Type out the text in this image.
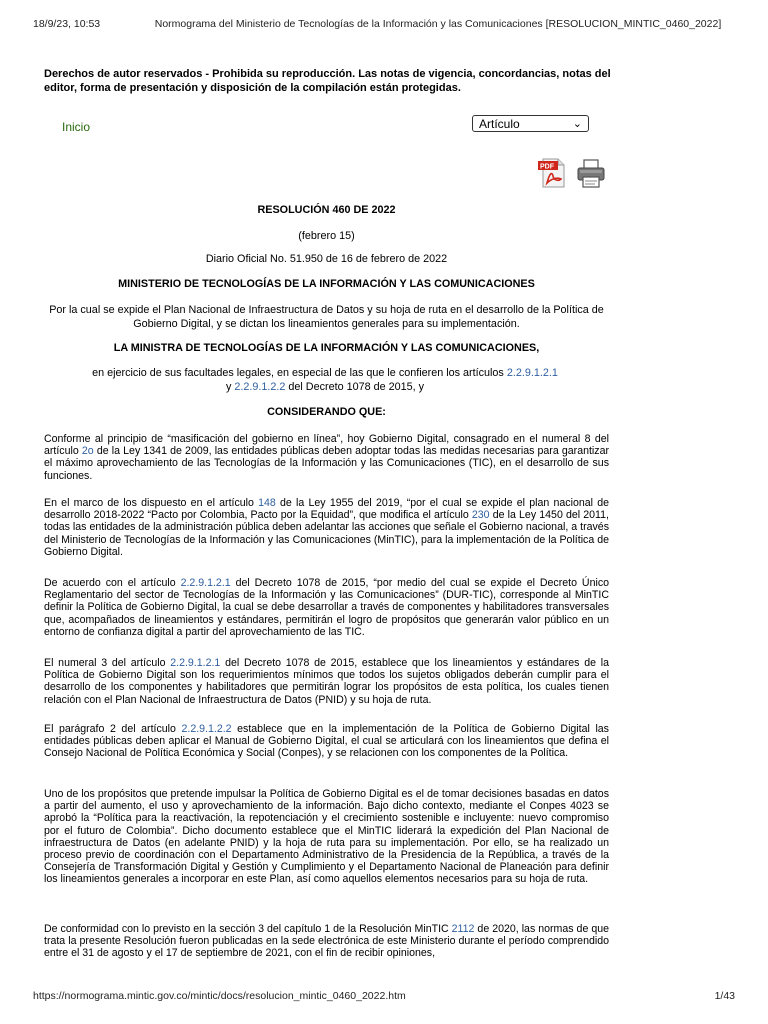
18/9/23, 10:53	Normograma del Ministerio de Tecnologías de la Información y las Comunicaciones [RESOLUCION_MINTIC_0460_2022]
Derechos de autor reservados - Prohibida su reproducción. Las notas de vigencia, concordancias, notas del editor, forma de presentación y disposición de la compilación están protegidas.
Inicio	Artículo	⌄
PDF
RESOLUCIÓN 460 DE 2022
(febrero 15)
Diario Oficial No. 51.950 de 16 de febrero de 2022
MINISTERIO DE TECNOLOGÍAS DE LA INFORMACIÓN Y LAS COMUNICACIONES
Por la cual se expide el Plan Nacional de Infraestructura de Datos y su hoja de ruta en el desarrollo de la Política de Gobierno Digital, y se dictan los lineamientos generales para su implementación.
LA MINISTRA DE TECNOLOGÍAS DE LA INFORMACIÓN Y LAS COMUNICACIONES,
en ejercicio de sus facultades legales, en especial de las que le confieren los artículos 2.2.9.1.2.1 y 2.2.9.1.2.2 del Decreto 1078 de 2015, y
CONSIDERANDO QUE:
Conforme al principio de “masificación del gobierno en línea”, hoy Gobierno Digital, consagrado en el numeral 8 del artículo 2o de la Ley 1341 de 2009, las entidades públicas deben adoptar todas las medidas necesarias para garantizar el máximo aprovechamiento de las Tecnologías de la Información y las Comunicaciones (TIC), en el desarrollo de sus funciones.
En el marco de los dispuesto en el artículo 148 de la Ley 1955 del 2019, “por el cual se expide el plan nacional de desarrollo 2018-2022 “Pacto por Colombia, Pacto por la Equidad”, que modifica el artículo 230 de la Ley 1450 del 2011, todas las entidades de la administración pública deben adelantar las acciones que señale el Gobierno nacional, a través del Ministerio de Tecnologías de la Información y las Comunicaciones (MinTIC), para la implementación de la Política de Gobierno Digital.
De acuerdo con el artículo 2.2.9.1.2.1 del Decreto 1078 de 2015, “por medio del cual se expide el Decreto Único Reglamentario del sector de Tecnologías de la Información y las Comunicaciones” (DUR-TIC), corresponde al MinTIC definir la Política de Gobierno Digital, la cual se debe desarrollar a través de componentes y habilitadores transversales que, acompañados de lineamientos y estándares, permitirán el logro de propósitos que generarán valor público en un entorno de confianza digital a partir del aprovechamiento de las TIC.
El numeral 3 del artículo 2.2.9.1.2.1 del Decreto 1078 de 2015, establece que los lineamientos y estándares de la Política de Gobierno Digital son los requerimientos mínimos que todos los sujetos obligados deberán cumplir para el desarrollo de los componentes y habilitadores que permitirán lograr los propósitos de esta política, los cuales tienen relación con el Plan Nacional de Infraestructura de Datos (PNID) y su hoja de ruta.
El parágrafo 2 del artículo 2.2.9.1.2.2 establece que en la implementación de la Política de Gobierno Digital las entidades públicas deben aplicar el Manual de Gobierno Digital, el cual se articulará con los lineamientos que defina el Consejo Nacional de Política Económica y Social (Conpes), y se relacionen con los componentes de la Política.
Uno de los propósitos que pretende impulsar la Política de Gobierno Digital es el de tomar decisiones basadas en datos a partir del aumento, el uso y aprovechamiento de la información. Bajo dicho contexto, mediante el Conpes 4023 se aprobó la “Política para la reactivación, la repotenciación y el crecimiento sostenible e incluyente: nuevo compromiso por el futuro de Colombia”. Dicho documento establece que el MinTIC liderará la expedición del Plan Nacional de infraestructura de Datos (en adelante PNID) y la hoja de ruta para su implementación. Por ello, se ha realizado un proceso previo de coordinación con el Departamento Administrativo de la Presidencia de la República, a través de la Consejería de Transformación Digital y Gestión y Cumplimiento y el Departamento Nacional de Planeación para definir los lineamientos generales a incorporar en este Plan, así como aquellos elementos necesarios para su hoja de ruta.
De conformidad con lo previsto en la sección 3 del capítulo 1 de la Resolución MinTIC 2112 de 2020, las normas de que trata la presente Resolución fueron publicadas en la sede electrónica de este Ministerio durante el período comprendido entre el 31 de agosto y el 17 de septiembre de 2021, con el fin de recibir opiniones,
https://normograma.mintic.gov.co/mintic/docs/resolucion_mintic_0460_2022.htm	1/43
